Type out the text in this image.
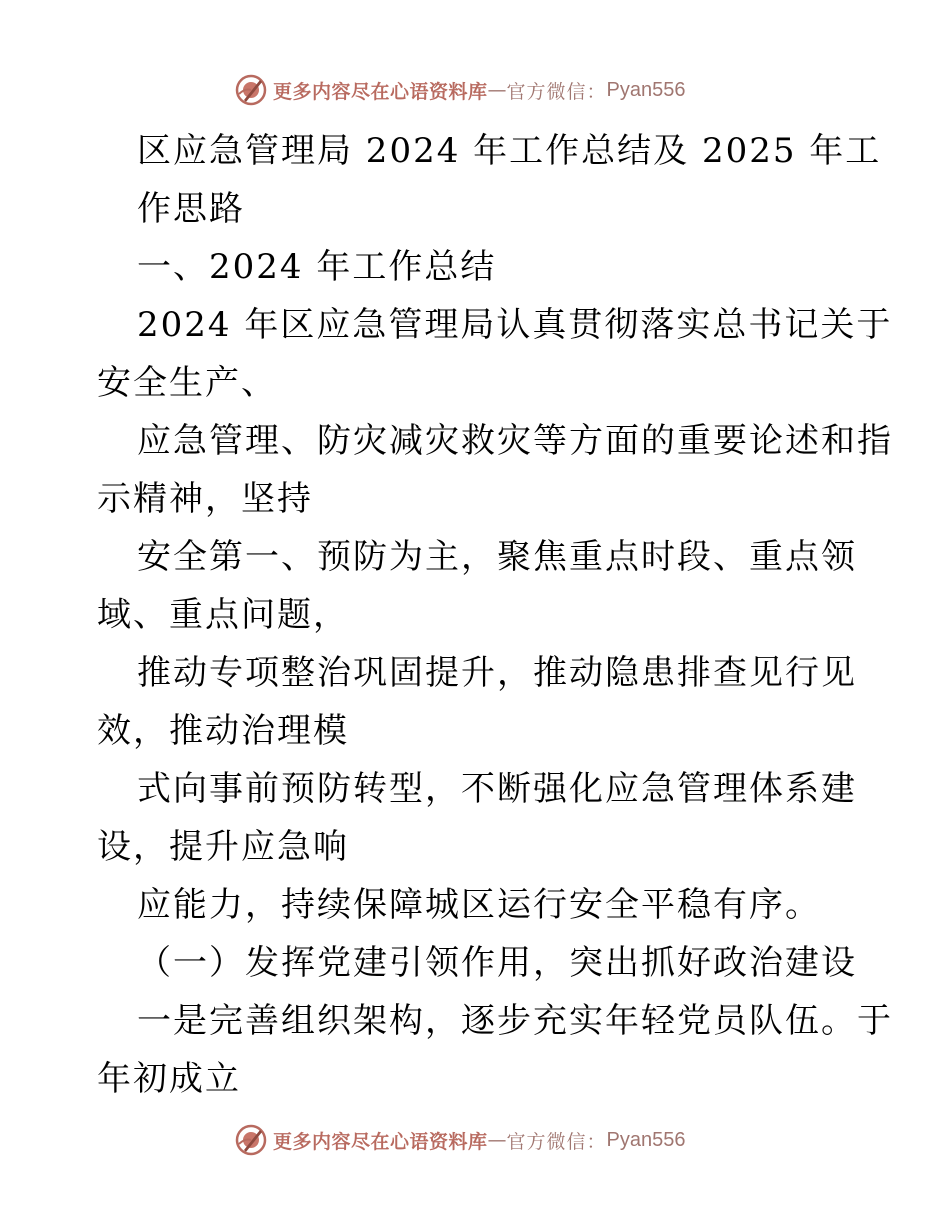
更多内容尽在心语资料库 — 官方微信： Pyan556
区应急管理局 2024 年工作总结及 2025 年工
作思路
一、2024 年工作总结
2024 年区应急管理局认真贯彻落实总书记关于
安全生产、
应急管理、防灾减灾救灾等方面的重要论述和指
示精神，坚持
安全第一、预防为主，聚焦重点时段、重点领
域、重点问题，
推动专项整治巩固提升，推动隐患排查见行见
效，推动治理模
式向事前预防转型，不断强化应急管理体系建
设，提升应急响
应能力，持续保障城区运行安全平稳有序。
（一）发挥党建引领作用，突出抓好政治建设
一是完善组织架构，逐步充实年轻党员队伍。于
年初成立
更多内容尽在心语资料库 — 官方微信： Pyan556
